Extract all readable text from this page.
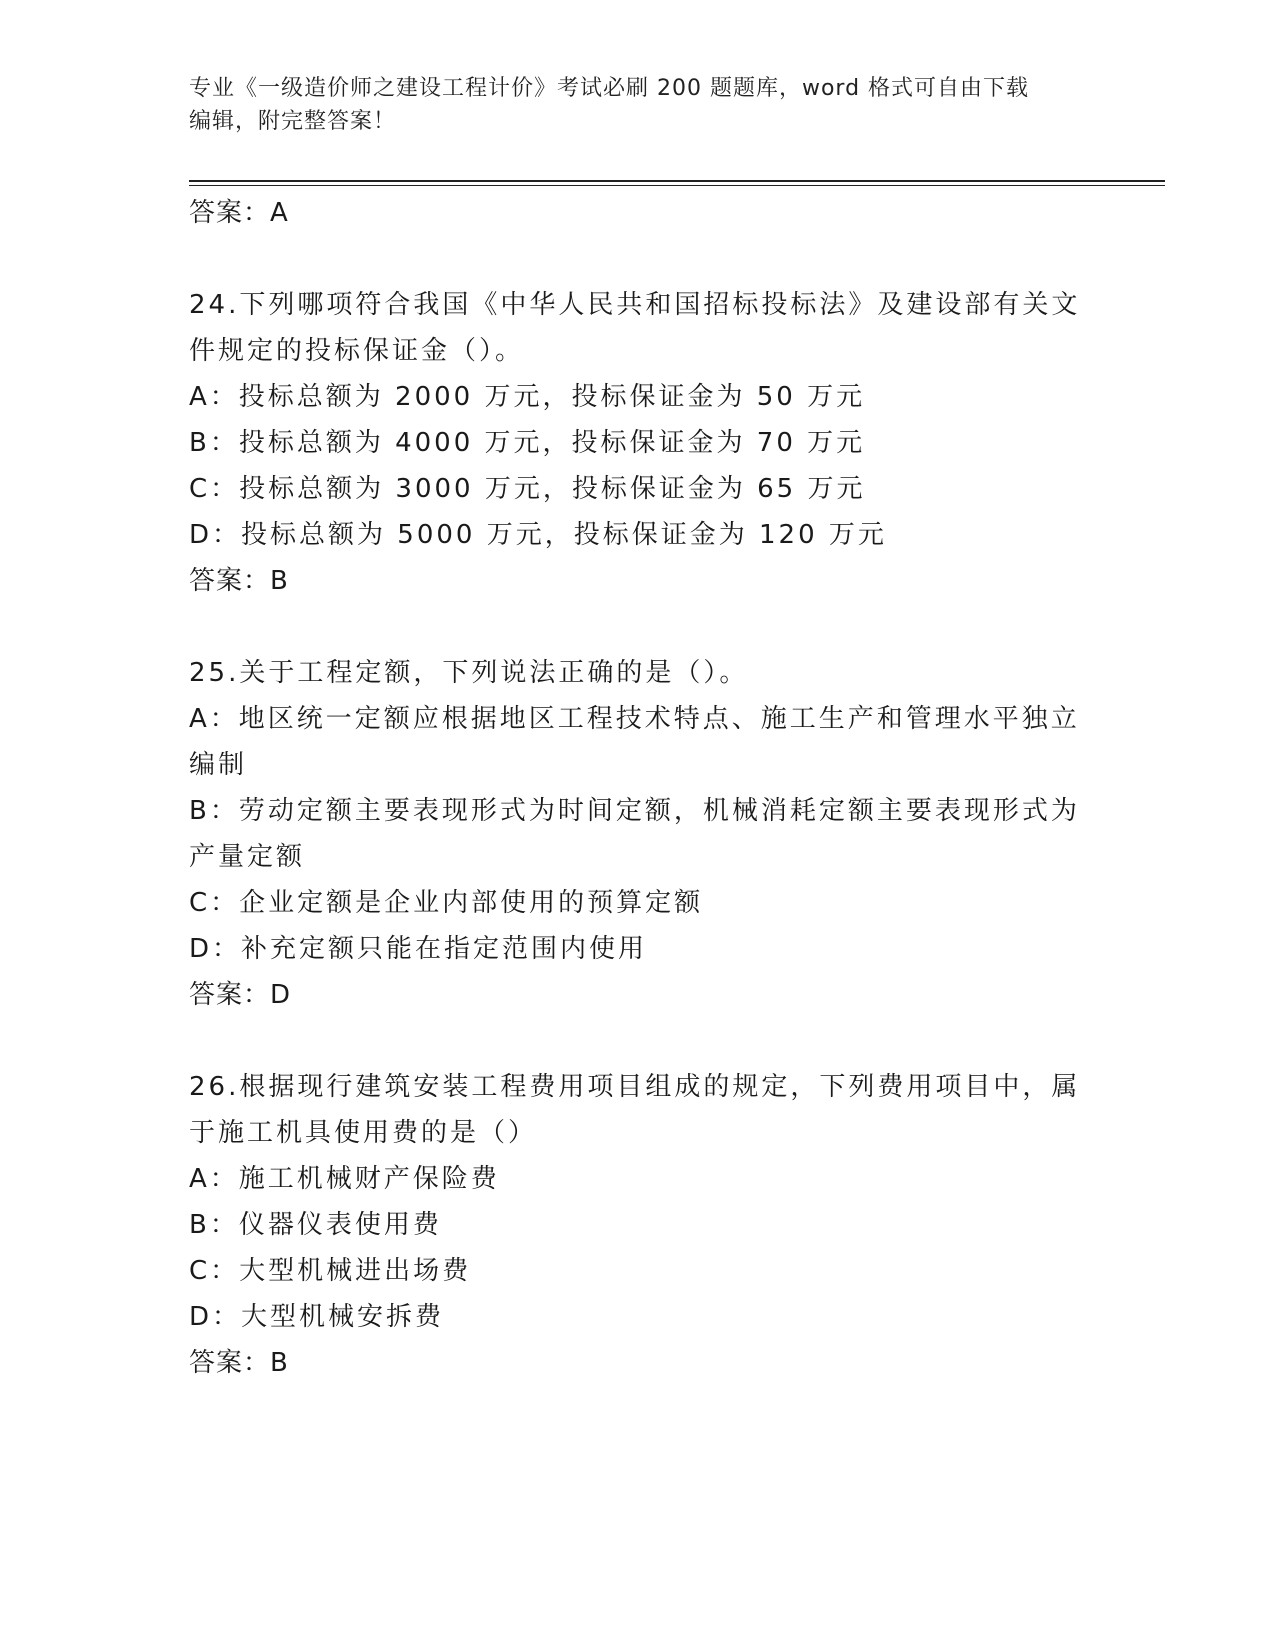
专业《一级造价师之建设工程计价》考试必刷 200 题题库，word 格式可自由下载
编辑，附完整答案！
答案：A
24.下列哪项符合我国《中华人民共和国招标投标法》及建设部有关文
件规定的投标保证金（）。
A：投标总额为 2000 万元，投标保证金为 50 万元
B：投标总额为 4000 万元，投标保证金为 70 万元
C：投标总额为 3000 万元，投标保证金为 65 万元
D：投标总额为 5000 万元，投标保证金为 120 万元
答案：B
25.关于工程定额，下列说法正确的是（）。
A：地区统一定额应根据地区工程技术特点、施工生产和管理水平独立
编制
B：劳动定额主要表现形式为时间定额，机械消耗定额主要表现形式为
产量定额
C：企业定额是企业内部使用的预算定额
D：补充定额只能在指定范围内使用
答案：D
26.根据现行建筑安装工程费用项目组成的规定，下列费用项目中，属
于施工机具使用费的是（）
A：施工机械财产保险费
B：仪器仪表使用费
C：大型机械进出场费
D：大型机械安拆费
答案：B
